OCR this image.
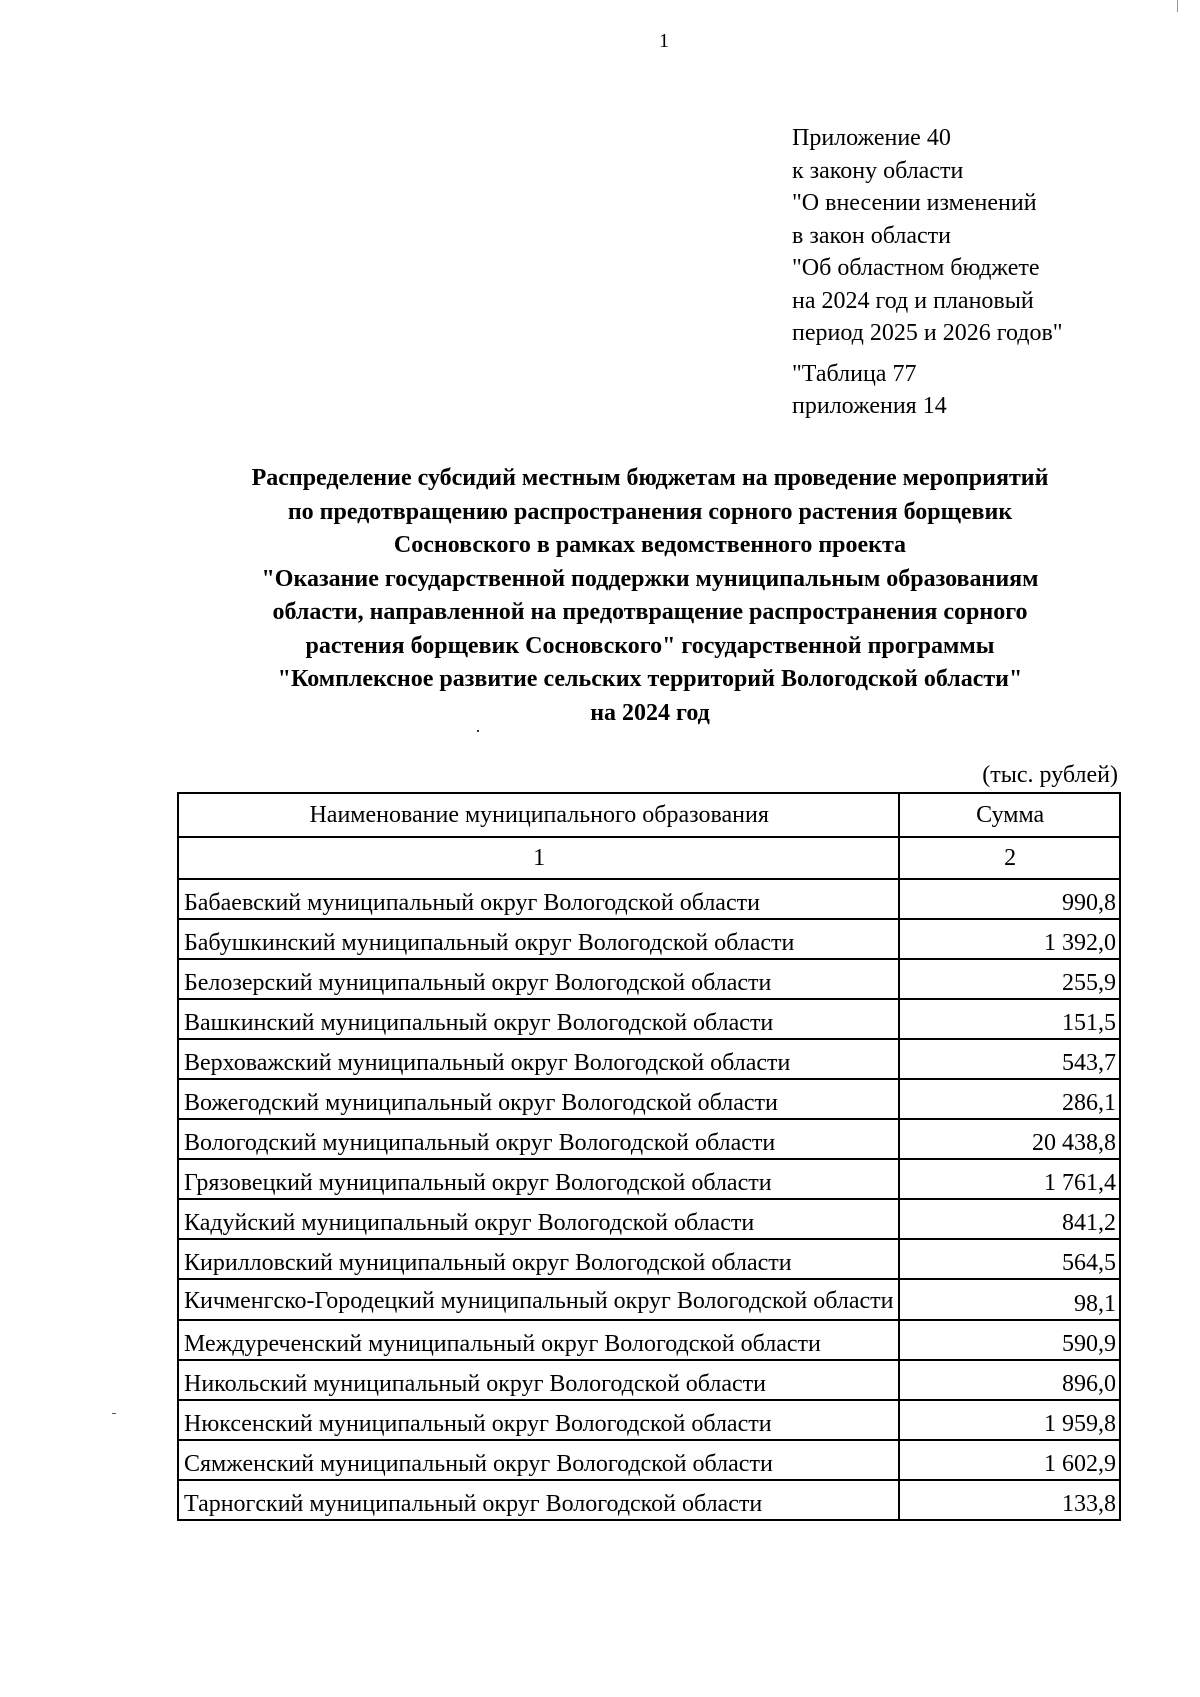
1
Приложение 40
к закону области
"О внесении изменений
в закон области
"Об областном бюджете
на 2024 год и плановый
период 2025 и 2026 годов"
"Таблица 77
приложения 14
Распределение субсидий местным бюджетам на проведение мероприятий
по предотвращению распространения сорного растения борщевик
Сосновского в рамках ведомственного проекта
"Оказание государственной поддержки муниципальным образованиям
области, направленной на предотвращение распространения сорного
растения борщевик Сосновского" государственной программы
"Комплексное развитие сельских территорий Вологодской области"
на 2024 год
(тыс. рублей)
Наименование муниципального образования	Сумма
1	2
Бабаевский муниципальный округ Вологодской области	990,8
Бабушкинский муниципальный округ Вологодской области	1 392,0
Белозерский муниципальный округ Вологодской области	255,9
Вашкинский муниципальный округ Вологодской области	151,5
Верховажский муниципальный округ Вологодской области	543,7
Вожегодский муниципальный округ Вологодской области	286,1
Вологодский муниципальный округ Вологодской области	20 438,8
Грязовецкий муниципальный округ Вологодской области	1 761,4
Кадуйский муниципальный округ Вологодской области	841,2
Кирилловский муниципальный округ Вологодской области	564,5
Кичменгско-Городецкий муниципальный округ Вологодской области	98,1
Междуреченский муниципальный округ Вологодской области	590,9
Никольский муниципальный округ Вологодской области	896,0
Нюксенский муниципальный округ Вологодской области	1 959,8
Сямженский муниципальный округ Вологодской области	1 602,9
Тарногский муниципальный округ Вологодской области	133,8
